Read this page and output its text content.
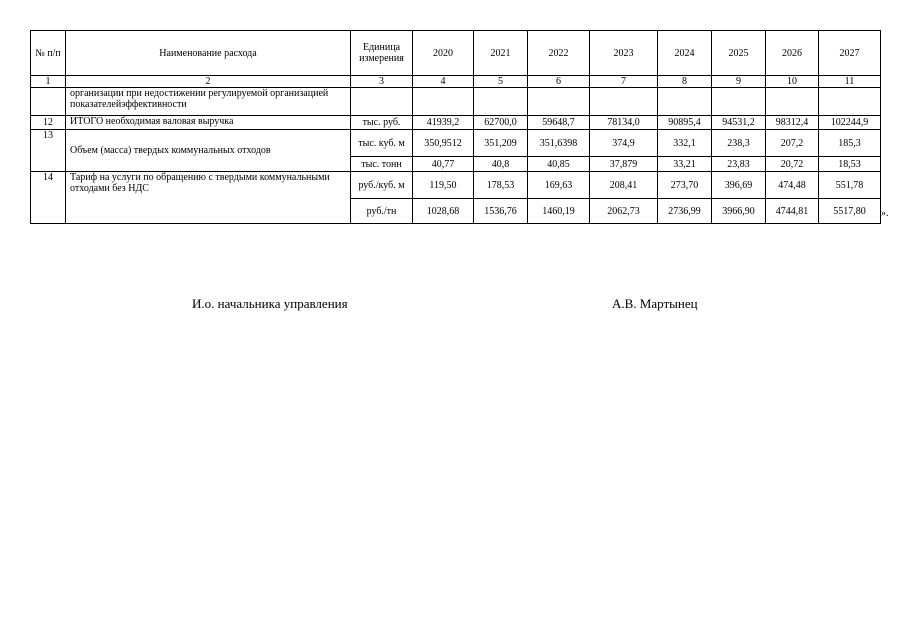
№ п/п	Наименование расхода	Единица измерения	2020	2021	2022	2023	2024	2025	2026	2027
1	2	3	4	5	6	7	8	9	10	11
	организации при недостижении регулируемой организацией показателейэффективности									
12	ИТОГО необходимая валовая выручка	тыс. руб.	41939,2	62700,0	59648,7	78134,0	90895,4	94531,2	98312,4	102244,9
13	Объем (масса) твердых коммунальных отходов	тыс. куб. м	350,9512	351,209	351,6398	374,9	332,1	238,3	207,2	185,3
		тыс. тонн	40,77	40,8	40,85	37,879	33,21	23,83	20,72	18,53
14	Тариф на услуги по обращению с твердыми коммунальными отходами без НДС	руб./куб. м	119,50	178,53	169,63	208,41	273,70	396,69	474,48	551,78
		руб./тн	1028,68	1536,76	1460,19	2062,73	2736,99	3966,90	4744,81	5517,80 ».
И.о. начальника управления	А.В. Мартынец
